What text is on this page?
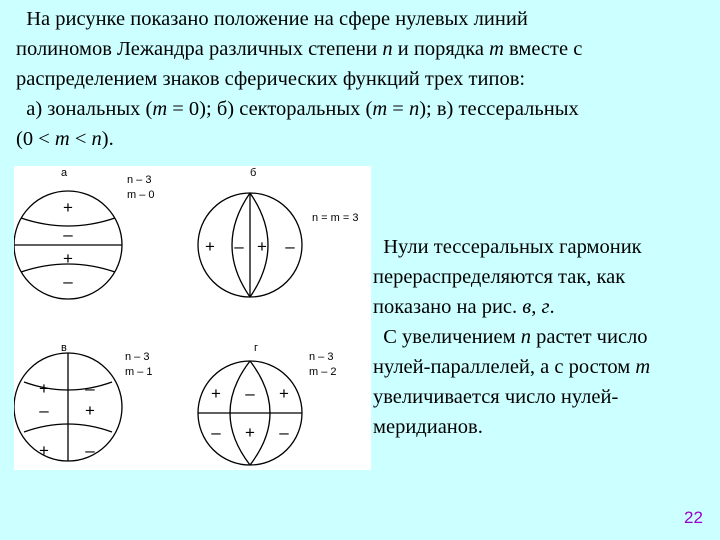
На рисунке показано положение на сфере нулевых линий
полиномов Лежандра различных степени n и порядка m вместе с
распределением знаков сферических функций трех типов:
а) зональных (m = 0); б) секторальных (m = n); в) тессеральных
(0 < m < n).
а
n – 3
m – 0
+
–
+
–
б
n = m = 3
+ – + –
в
n – 3
m – 1
+ –
– +
+ –
г
n – 3
m – 2
+ – +
– + –
Нули тессеральных гармоник
перераспределяются так, как
показано на рис. в, г.
С увеличением n растет число
нулей-параллелей, а с ростом m
увеличивается число нулей-
меридианов.
22
